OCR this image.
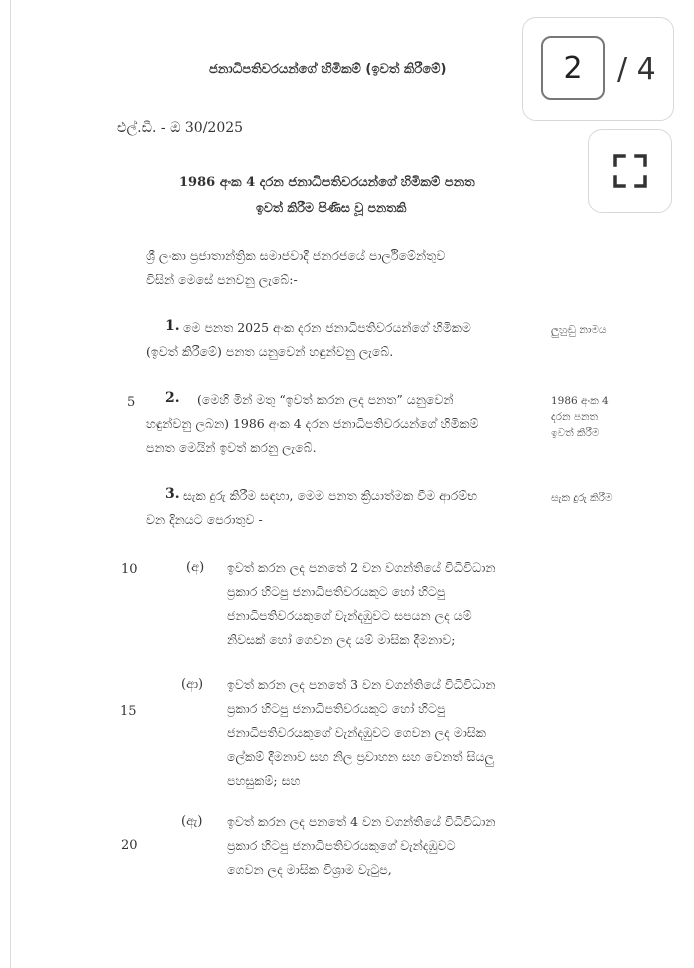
ජනාධිපතිවරයන්ගේ හිමිකම් (ඉවත් කිරීමේ)
එල්.ඩී. - ඔ 30/2025
1986 අංක 4 දරන ජනාධිපතිවරයන්ගේ හිමිකම් පනත
ඉවත් කිරීම පිණිස වූ පනතකි
ශ්‍රී ලංකා ප්‍රජාතාන්ත්‍රික සමාජවාදී ජනරජයේ පාර්ලිමේන්තුව
විසින් මෙසේ පනවනු ලැබේ:-
1. මෙ පනත 2025 අංක දරන ජනාධිපතිවරයන්ගේ හිමිකම
(ඉවත් කිරීමේ) පනත යනුවෙන් හඳුන්වනු ලැබේ.
ලුහුඬු නාමය
5 2. (මෙහි මින් මතු “ඉවත් කරන ලද පනත” යනුවෙන්
හඳුන්වනු ලබන) 1986 අංක 4 දරන ජනාධිපතිවරයන්ගේ හිමිකම්
පනත මෙයින් ඉවත් කරනු ලැබේ.
1986 අංක 4
දරන පනත
ඉවත් කිරීම
3. සැක දුරු කිරීම සඳහා, මෙම පනත ක්‍රියාත්මක වීම ආරම්භ
වන දිනයට පෙරාතුව -
සැක දුරු කිරීම
10	(අ) ඉවත් කරන ලද පනතේ 2 වන වගන්තියේ විධිවිධාන
ප්‍රකාර හිටපු ජනාධිපතිවරයකුට හෝ හිටපු
ජනාධිපතිවරයකුගේ වැන්දඹුවට සපයන ලද යම්
නිවසක් හෝ ගෙවන ලද යම් මාසික දීමනාව;
(ආ)
15
ඉවත් කරන ලද පනතේ 3 වන වගන්තියේ විධිවිධාන
ප්‍රකාර හිටපු ජනාධිපතිවරයකුට හෝ හිටපු
ජනාධිපතිවරයකුගේ වැන්දඹුවට ගෙවන ලද මාසික
ලේකම් දීමනාව සහ නිල ප්‍රවාහන සහ වෙනත් සියලු
පහසුකම්; සහ
(ඇ)
20
ඉවත් කරන ලද පනතේ 4 වන වගන්තියේ විධිවිධාන
ප්‍රකාර හිටපු ජනාධිපතිවරයකුගේ වැන්දඹුවට
ගෙවන ලද මාසික විශ්‍රාම වැටුප,
2	/ 4
